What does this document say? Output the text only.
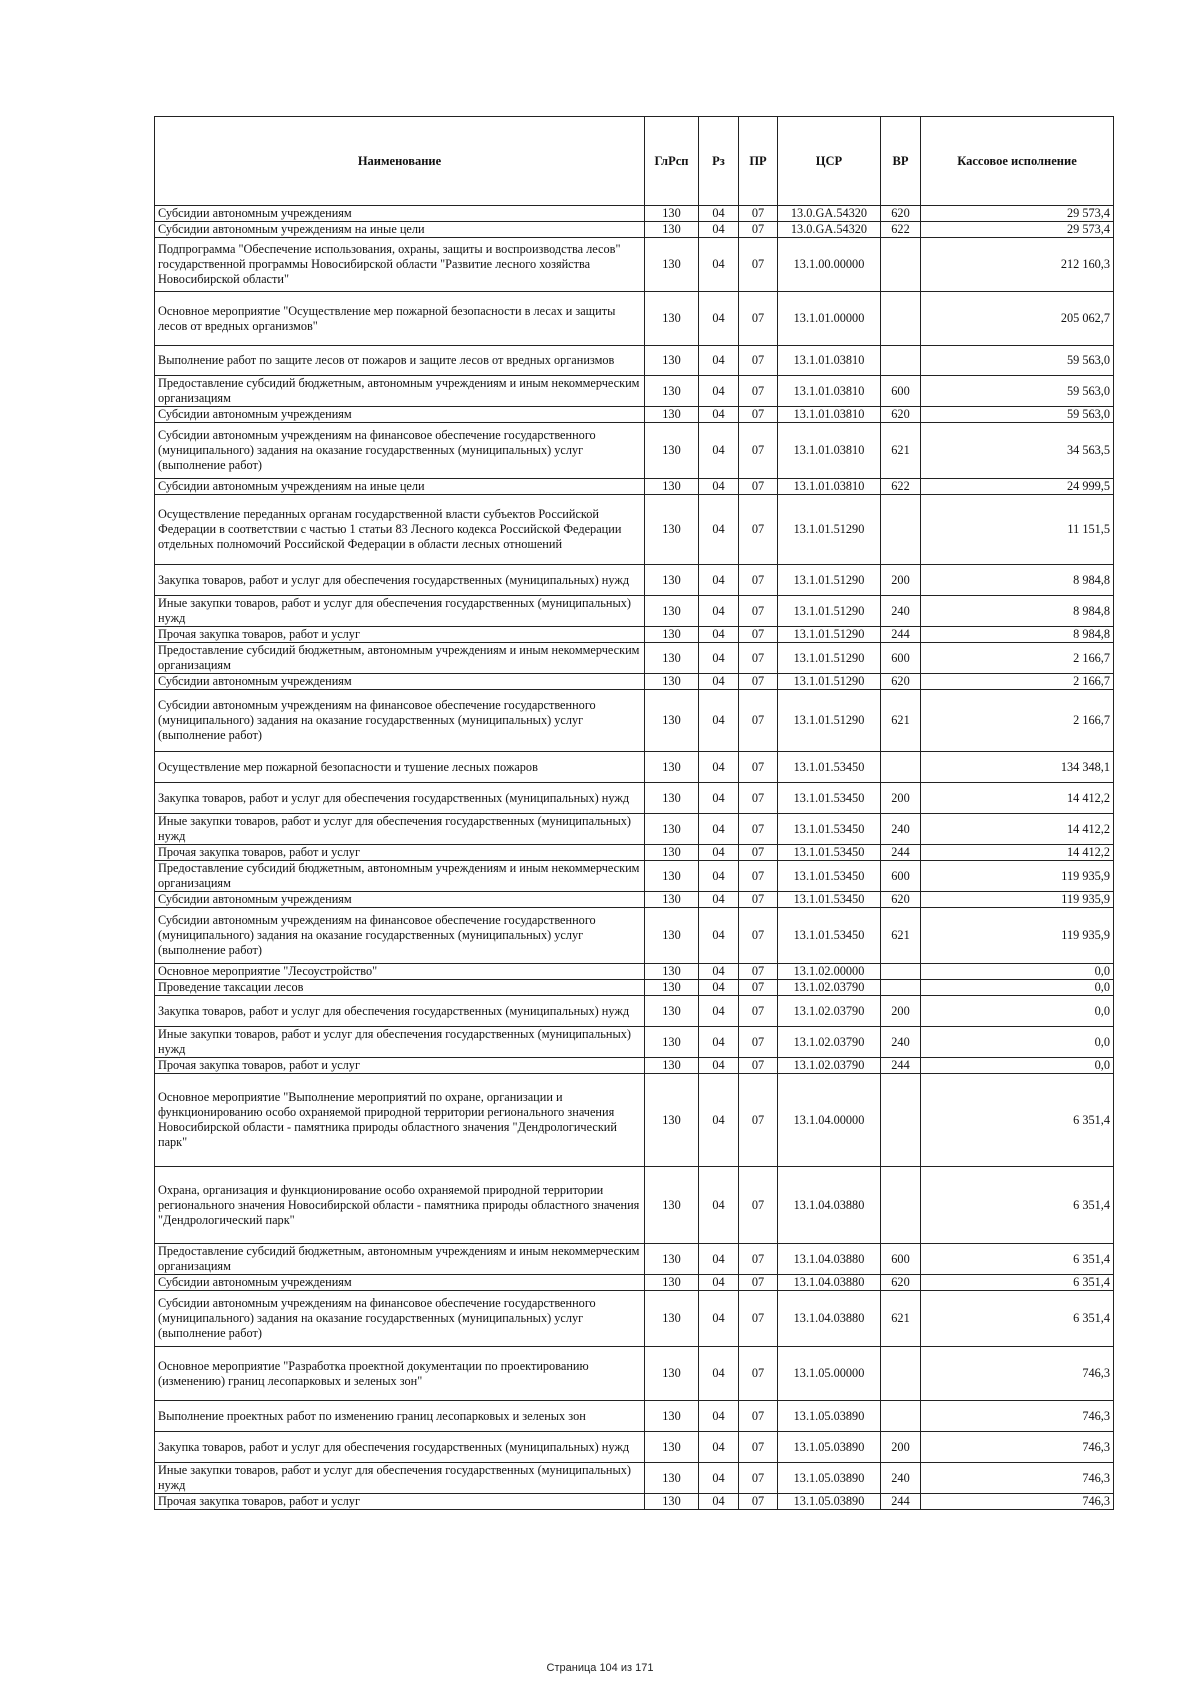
Наименование	ГлРсп	Рз	ПР	ЦСР	ВР	Кассовое исполнение
Субсидии автономным учреждениям	130	04	07	13.0.GA.54320	620	29 573,4
Субсидии автономным учреждениям на иные цели	130	04	07	13.0.GA.54320	622	29 573,4
Подпрограмма "Обеспечение использования, охраны, защиты и воспроизводства лесов" государственной программы Новосибирской области "Развитие лесного хозяйства Новосибирской области"	130	04	07	13.1.00.00000		212 160,3
Основное мероприятие "Осуществление мер пожарной безопасности в лесах и защиты лесов от вредных организмов"	130	04	07	13.1.01.00000		205 062,7
Выполнение работ по защите лесов от пожаров и защите лесов от вредных организмов	130	04	07	13.1.01.03810		59 563,0
Предоставление субсидий бюджетным, автономным учреждениям и иным некоммерческим организациям	130	04	07	13.1.01.03810	600	59 563,0
Субсидии автономным учреждениям	130	04	07	13.1.01.03810	620	59 563,0
Субсидии автономным учреждениям на финансовое обеспечение государственного (муниципального) задания на оказание государственных (муниципальных) услуг (выполнение работ)	130	04	07	13.1.01.03810	621	34 563,5
Субсидии автономным учреждениям на иные цели	130	04	07	13.1.01.03810	622	24 999,5
Осуществление переданных органам государственной власти субъектов Российской Федерации в соответствии с частью 1 статьи 83 Лесного кодекса Российской Федерации отдельных полномочий Российской Федерации в области лесных отношений	130	04	07	13.1.01.51290		11 151,5
Закупка товаров, работ и услуг для обеспечения государственных (муниципальных) нужд	130	04	07	13.1.01.51290	200	8 984,8
Иные закупки товаров, работ и услуг для обеспечения государственных (муниципальных) нужд	130	04	07	13.1.01.51290	240	8 984,8
Прочая закупка товаров, работ и услуг	130	04	07	13.1.01.51290	244	8 984,8
Предоставление субсидий бюджетным, автономным учреждениям и иным некоммерческим организациям	130	04	07	13.1.01.51290	600	2 166,7
Субсидии автономным учреждениям	130	04	07	13.1.01.51290	620	2 166,7
Субсидии автономным учреждениям на финансовое обеспечение государственного (муниципального) задания на оказание государственных (муниципальных) услуг (выполнение работ)	130	04	07	13.1.01.51290	621	2 166,7
Осуществление мер пожарной безопасности и тушение лесных пожаров	130	04	07	13.1.01.53450		134 348,1
Закупка товаров, работ и услуг для обеспечения государственных (муниципальных) нужд	130	04	07	13.1.01.53450	200	14 412,2
Иные закупки товаров, работ и услуг для обеспечения государственных (муниципальных) нужд	130	04	07	13.1.01.53450	240	14 412,2
Прочая закупка товаров, работ и услуг	130	04	07	13.1.01.53450	244	14 412,2
Предоставление субсидий бюджетным, автономным учреждениям и иным некоммерческим организациям	130	04	07	13.1.01.53450	600	119 935,9
Субсидии автономным учреждениям	130	04	07	13.1.01.53450	620	119 935,9
Субсидии автономным учреждениям на финансовое обеспечение государственного (муниципального) задания на оказание государственных (муниципальных) услуг (выполнение работ)	130	04	07	13.1.01.53450	621	119 935,9
Основное мероприятие "Лесоустройство"	130	04	07	13.1.02.00000		0,0
Проведение таксации лесов	130	04	07	13.1.02.03790		0,0
Закупка товаров, работ и услуг для обеспечения государственных (муниципальных) нужд	130	04	07	13.1.02.03790	200	0,0
Иные закупки товаров, работ и услуг для обеспечения государственных (муниципальных) нужд	130	04	07	13.1.02.03790	240	0,0
Прочая закупка товаров, работ и услуг	130	04	07	13.1.02.03790	244	0,0
Основное мероприятие "Выполнение мероприятий по охране, организации и функционированию особо охраняемой природной территории регионального значения Новосибирской области - памятника природы областного значения "Дендрологический парк"	130	04	07	13.1.04.00000		6 351,4
Охрана, организация и функционирование особо охраняемой природной территории регионального значения Новосибирской области - памятника природы областного значения "Дендрологический парк"	130	04	07	13.1.04.03880		6 351,4
Предоставление субсидий бюджетным, автономным учреждениям и иным некоммерческим организациям	130	04	07	13.1.04.03880	600	6 351,4
Субсидии автономным учреждениям	130	04	07	13.1.04.03880	620	6 351,4
Субсидии автономным учреждениям на финансовое обеспечение государственного (муниципального) задания на оказание государственных (муниципальных) услуг (выполнение работ)	130	04	07	13.1.04.03880	621	6 351,4
Основное мероприятие "Разработка проектной документации по проектированию (изменению) границ лесопарковых и зеленых зон"	130	04	07	13.1.05.00000		746,3
Выполнение проектных работ по изменению границ лесопарковых и зеленых зон	130	04	07	13.1.05.03890		746,3
Закупка товаров, работ и услуг для обеспечения государственных (муниципальных) нужд	130	04	07	13.1.05.03890	200	746,3
Иные закупки товаров, работ и услуг для обеспечения государственных (муниципальных) нужд	130	04	07	13.1.05.03890	240	746,3
Прочая закупка товаров, работ и услуг	130	04	07	13.1.05.03890	244	746,3
Страница 104 из 171
